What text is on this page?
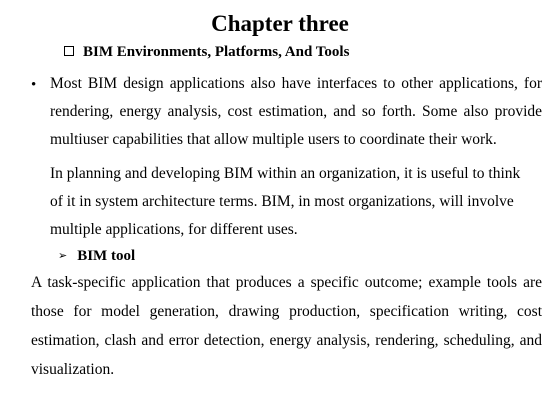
Chapter three
BIM Environments, Platforms, And Tools
• Most BIM design applications also have interfaces to other applications, for
rendering, energy analysis, cost estimation, and so forth. Some also provide
multiuser capabilities that allow multiple users to coordinate their work.
In planning and developing BIM within an organization, it is useful to think
of it in system architecture terms. BIM, in most organizations, will involve
multiple applications, for different uses.
➢ BIM tool
A task-specific application that produces a specific outcome; example tools are
those for model generation, drawing production, specification writing, cost
estimation, clash and error detection, energy analysis, rendering, scheduling, and
visualization.
